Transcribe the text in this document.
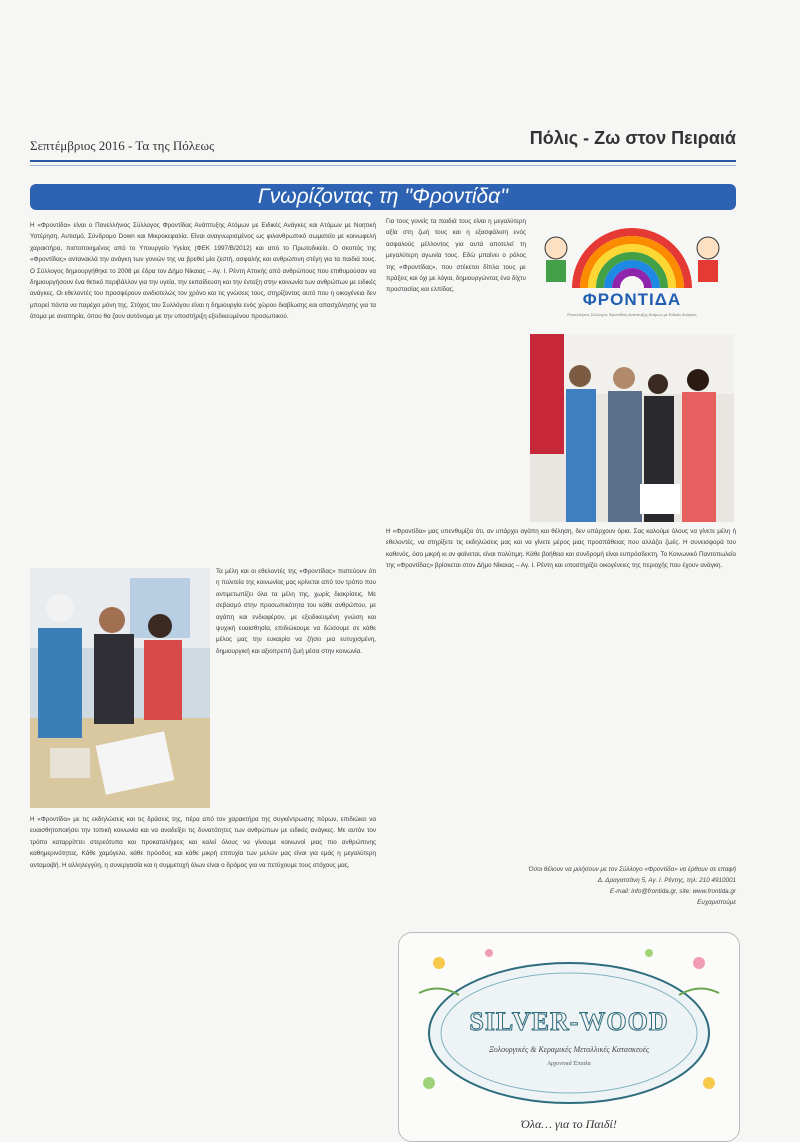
Σεπτέμβριος 2016 - Τα της Πόλεως	Πόλις - Ζω στον Πειραιά
Γνωρίζοντας τη ''Φροντίδα''

Η «Φροντίδα» είναι ο Πανελλήνιος Σύλλογος Φροντίδας Ανάπτυξης Ατόμων με Ειδικές Ανάγκες και Ατόμων με Νοητική Υστέρηση, Αυτισμό, Σύνδρομο Down και Μικροκεφαλία. Είναι αναγνωρισμένος ως φιλανθρωπικό σωματείο με κοινωφελή χαρακτήρα, πιστοποιημένος από το Υπουργείο Υγείας (ΦΕΚ 1997/Β/2012) και από το Πρωτοδικείο. Ο σκοπός της «Φροντίδας» αντανακλά την ανάγκη των γονιών της να βρεθεί μία ζεστή, ασφαλής και ανθρώπινη στέγη για τα παιδιά τους. Ο Σύλλογος δημιουργήθηκε το 2008 με έδρα τον Δήμο Νίκαιας – Αγ. Ι. Ρέντη Αττικής από ανθρώπους που επιθυμούσαν να δημιουργήσουν ένα θετικό περιβάλλον για την υγεία, την εκπαίδευση και την ένταξη στην κοινωνία των ανθρώπων με ειδικές ανάγκες. Οι εθελοντές του προσφέρουν ανιδιοτελώς τον χρόνο και τις γνώσεις τους, στηρίζοντας αυτό που η οικογένεια δεν μπορεί πάντα να παρέχει μόνη της. Στόχος του Συλλόγου είναι η δημιουργία ενός χώρου διαβίωσης και απασχόλησης για τα άτομα με αναπηρία, όπου θα ζουν αυτόνομα με την υποστήριξη εξειδικευμένου προσωπικού.

Τα μέλη και οι εθελοντές της «Φροντίδας» πιστεύουν ότι η πολιτεία της κοινωνίας μας κρίνεται από τον τρόπο που αντιμετωπίζει όλα τα μέλη της, χωρίς διακρίσεις. Με σεβασμό στην προσωπικότητα του κάθε ανθρώπου, με αγάπη και ενδιαφέρον, με εξειδικευμένη γνώση και ψυχική ευαισθησία, επιδιώκουμε να δώσουμε σε κάθε μέλος μας την ευκαιρία να ζήσει μια ευτυχισμένη, δημιουργική και αξιοπρεπή ζωή μέσα στην κοινωνία.

Η «Φροντίδα» με τις εκδηλώσεις και τις δράσεις της, πέρα από τον χαρακτήρα της συγκέντρωσης πόρων, επιδιώκει να ευαισθητοποιήσει την τοπική κοινωνία και να αναδείξει τις δυνατότητες των ανθρώπων με ειδικές ανάγκες. Με αυτόν τον τρόπο καταρρίπτει στερεότυπα και προκαταλήψεις και καλεί όλους να γίνουμε κοινωνοί μιας πιο ανθρώπινης καθημερινότητας. Κάθε χαμόγελο, κάθε πρόοδος και κάθε μικρή επιτυχία των μελών μας είναι για εμάς η μεγαλύτερη ανταμοιβή. Η αλληλεγγύη, η συνεργασία και η συμμετοχή όλων είναι ο δρόμος για να πετύχουμε τους στόχους μας.

Για τους γονείς τα παιδιά τους είναι η μεγαλύτερη αξία στη ζωή τους και η εξασφάλιση ενός ασφαλούς μέλλοντος για αυτά αποτελεί τη μεγαλύτερη αγωνία τους. Εδώ μπαίνει ο ρόλος της «Φροντίδας», που στέκεται δίπλα τους με πράξεις και όχι με λόγια, δημιουργώντας ένα δίχτυ προστασίας και ελπίδας.

ΦΡΟΝΤΙΔΑ
Πανελλήνιος Σύλλογος Φροντίδας Ανάπτυξης Ατόμων με Ειδικές Ανάγκες

Η «Φροντίδα» μας υπενθυμίζει ότι, αν υπάρχει αγάπη και θέληση, δεν υπάρχουν όρια. Σας καλούμε όλους να γίνετε μέλη ή εθελοντές, να στηρίξετε τις εκδηλώσεις μας και να γίνετε μέρος μιας προσπάθειας που αλλάζει ζωές. Η συνεισφορά του καθενός, όσο μικρή κι αν φαίνεται, είναι πολύτιμη. Κάθε βοήθεια και συνδρομή είναι ευπρόσδεκτη. Το Κοινωνικό Παντοπωλείο της «Φροντίδας» βρίσκεται στον Δήμο Νίκαιας – Αγ. Ι. Ρέντη και υποστηρίζει οικογένειες της περιοχής που έχουν ανάγκη.

Όσοι θέλουν να μιλήσουν με τον Σύλλογο «Φροντίδα» να έρθουν σε επαφή
Δ. Δραγατσάνη 5, Αγ. Ι. Ρέντης, τηλ: 210 4910001
E-mail: info@frontida.gr, site: www.frontida.gr
Ευχαριστούμε
SILVER-WOOD
Ξυλουργικές & Κεραμικές Μεταλλικές Κατασκευές
Αρχοντικά Έπιπλα
Όλα… για το Παιδί!
